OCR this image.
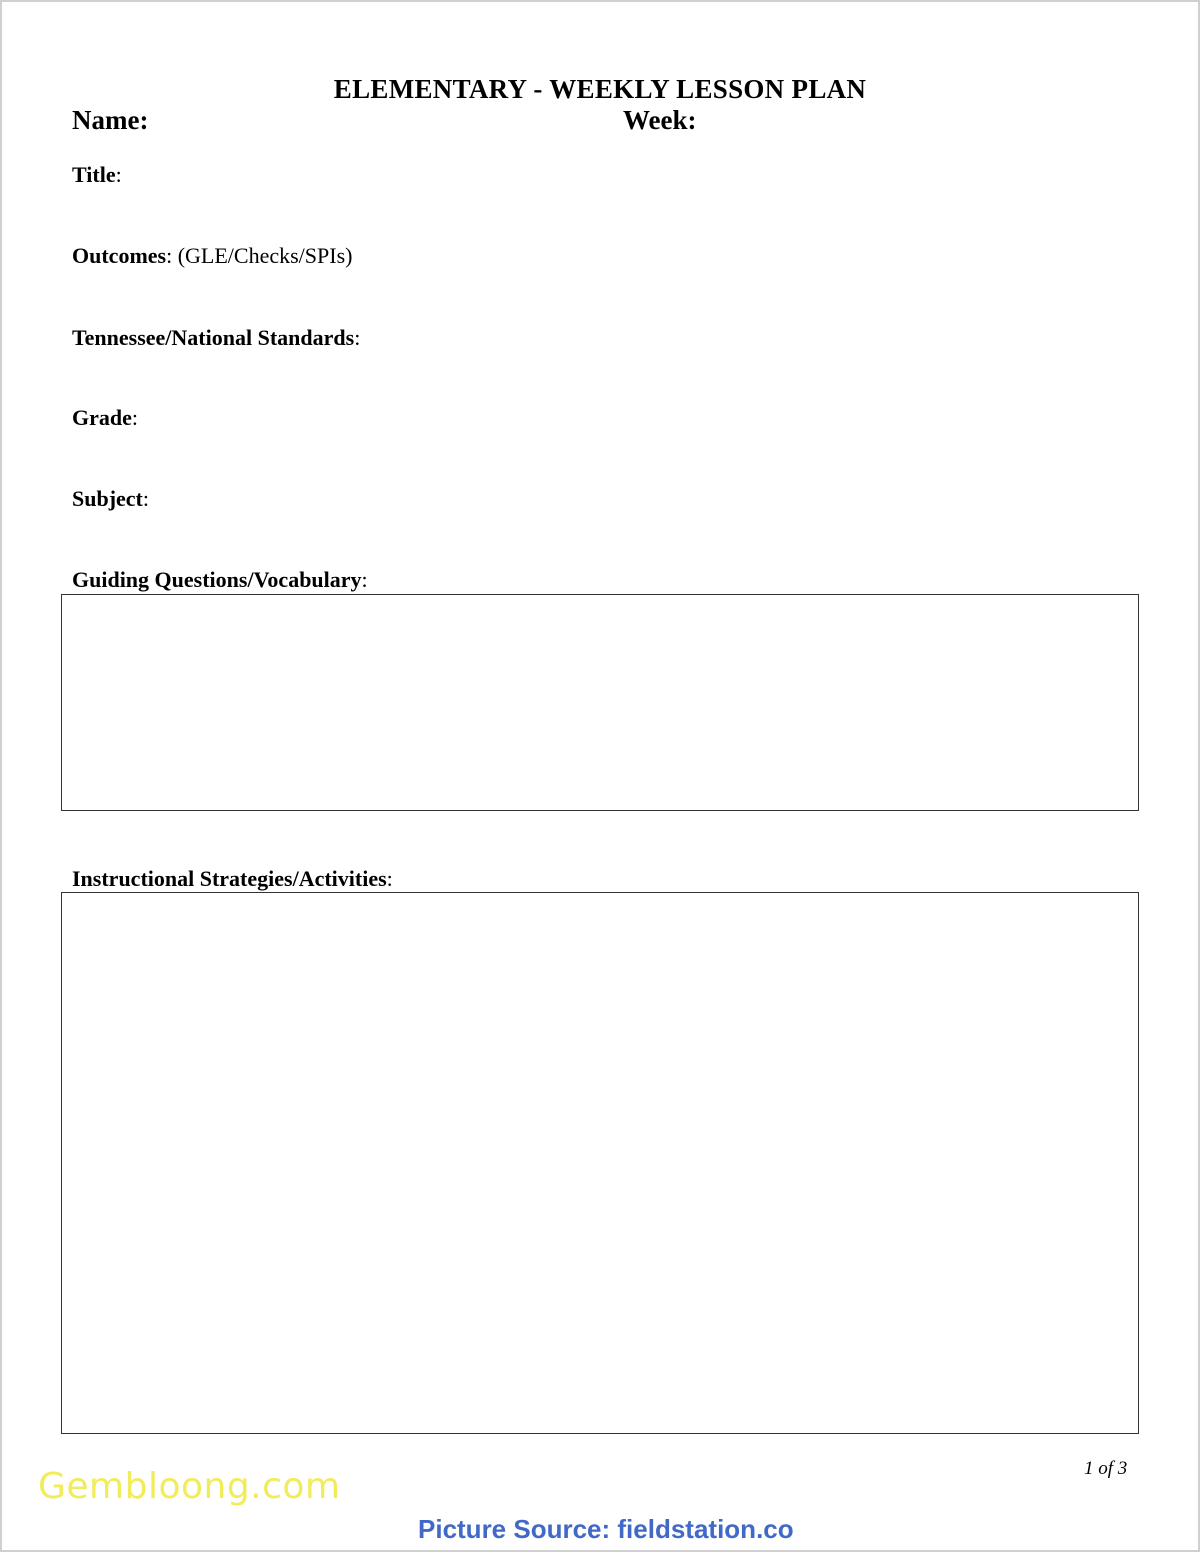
ELEMENTARY - WEEKLY LESSON PLAN
Name:	Week:
Title:
Outcomes: (GLE/Checks/SPIs)
Tennessee/National Standards:
Grade:
Subject:
Guiding Questions/Vocabulary:
Instructional Strategies/Activities:
1 of 3
Gembloong.com
Picture Source: fieldstation.co
